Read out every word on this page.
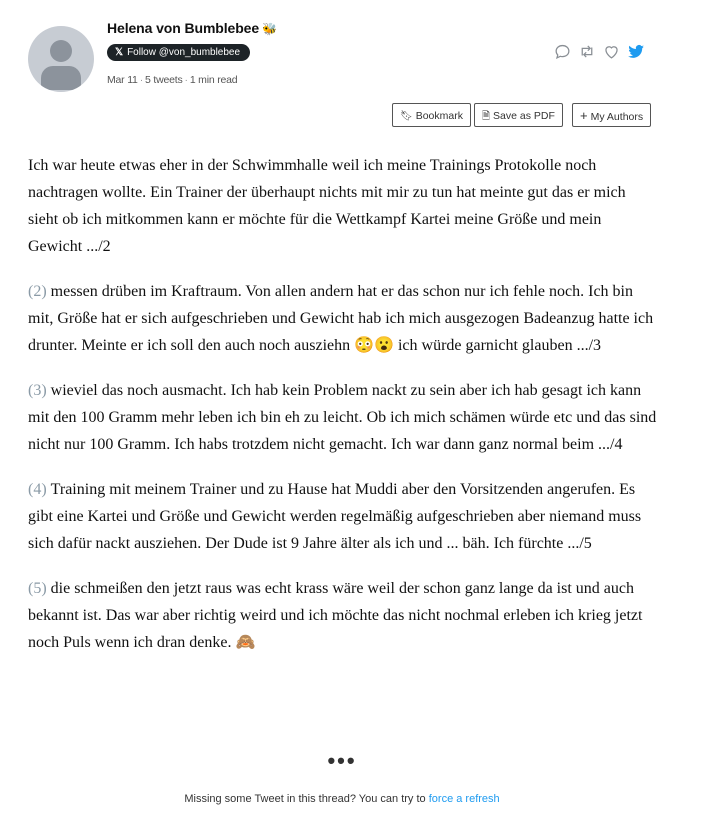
Helena von Bumblebee 🐝
𝕏 Follow @von_bumblebee
Mar 11 · 5 tweets · 1 min read
🔖︎ Bookmark	🗎 Save as PDF	+ My Authors

Ich war heute etwas eher in der Schwimmhalle weil ich meine Trainings Protokolle noch nachtragen wollte. Ein Trainer der überhaupt nichts mit mir zu tun hat meinte gut das er mich sieht ob ich mitkommen kann er möchte für die Wettkampf Kartei meine Größe und mein Gewicht .../2

(2) messen drüben im Kraftraum. Von allen andern hat er das schon nur ich fehle noch. Ich bin mit, Größe hat er sich aufgeschrieben und Gewicht hab ich mich ausgezogen Badeanzug hatte ich drunter. Meinte er ich soll den auch noch ausziehn 😳😮 ich würde garnicht glauben .../3

(3) wieviel das noch ausmacht. Ich hab kein Problem nackt zu sein aber ich hab gesagt ich kann mit den 100 Gramm mehr leben ich bin eh zu leicht. Ob ich mich schämen würde etc und das sind nicht nur 100 Gramm. Ich habs trotzdem nicht gemacht. Ich war dann ganz normal beim .../4

(4) Training mit meinem Trainer und zu Hause hat Muddi aber den Vorsitzenden angerufen. Es gibt eine Kartei und Größe und Gewicht werden regelmäßig aufgeschrieben aber niemand muss sich dafür nackt ausziehen. Der Dude ist 9 Jahre älter als ich und ... bäh. Ich fürchte .../5

(5) die schmeißen den jetzt raus was echt krass wäre weil der schon ganz lange da ist und auch bekannt ist. Das war aber richtig weird und ich möchte das nicht nochmal erleben ich krieg jetzt noch Puls wenn ich dran denke. 🙈

•••
Missing some Tweet in this thread? You can try to force a refresh
